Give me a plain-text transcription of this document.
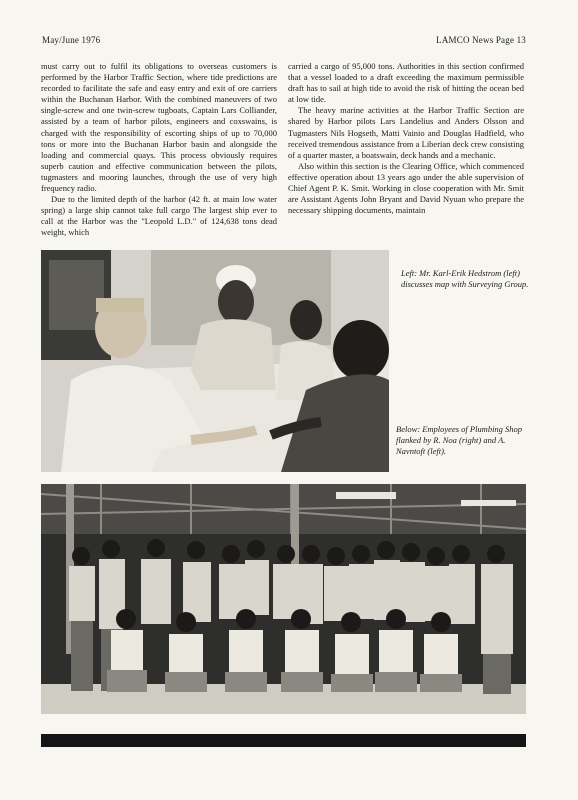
May/June 1976	LAMCO News Page 13

must carry out to fulfil its obligations to overseas customers is performed by the Harbor Traffic Section, where tide predictions are recorded to facilitate the safe and easy entry and exit of ore carriers within the Buchanan Harbor. With the combined maneuvers of two single-screw and one twin-screw tugboats, Captain Lars Colliander, assisted by a team of harbor pilots, engineers and coxswains, is charged with the responsibility of escorting ships of up to 70,000 tons or more into the Buchanan Harbor basin and alongside the loading and commercial quays. This process obviously requires superb caution and effective communication between the pilots, tugmasters and mooring launches, through the use of very high frequency radio.

Due to the limited depth of the harbor (42 ft. at main low water spring) a large ship cannot take full cargo The largest ship ever to call at the Harbor was the "Leopold L.D." of 124,638 tons dead weight, which

carried a cargo of 95,000 tons. Authorities in this section confirmed that a vessel loaded to a draft exceeding the maximum permissible draft has to sail at high tide to avoid the risk of hitting the ocean bed at low tide.

The heavy marine activities at the Harbor Traffic Section are shared by Harbor pilots Lars Landelius and Anders Olsson and Tugmasters Nils Hogseth, Matti Vainio and Douglas Hadfield, who received tremendous assistance from a Liberian deck crew consisting of a quarter master, a boatswain, deck hands and a mechanic.

Also within this section is the Clearing Office, which commenced effective operation about 13 years ago under the able supervision of Chief Agent P. K. Smit. Working in close cooperation with Mr. Smit are Assistant Agents John Bryant and David Nyuan who prepare the necessary shipping documents, maintain

Left: Mr. Karl-Erik Hedstrom (left) discusses map with Surveying Group.
Below: Employees of Plumbing Shop flanked by R. Noa (right) and A. Navntoft (left).
